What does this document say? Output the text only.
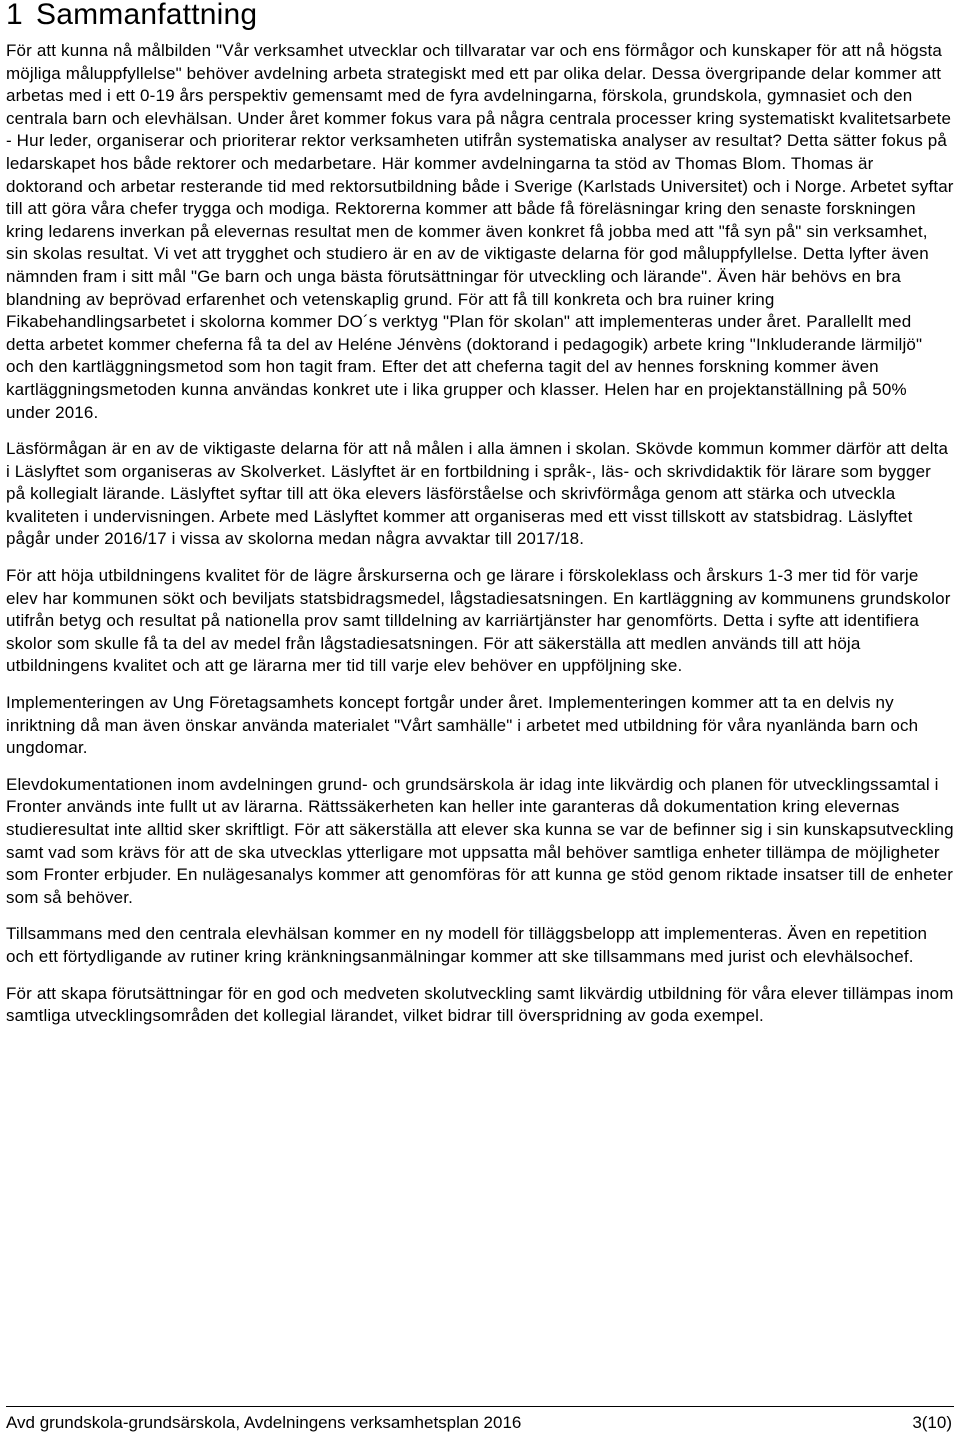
1 Sammanfattning

För att kunna nå målbilden "Vår verksamhet utvecklar och tillvaratar var och ens förmågor och kunskaper för att nå högsta möjliga måluppfyllelse" behöver avdelning arbeta strategiskt med ett par olika delar. Dessa övergripande delar kommer att arbetas med i ett 0-19 års perspektiv gemensamt med de fyra avdelningarna, förskola, grundskola, gymnasiet och den centrala barn och elevhälsan. Under året kommer fokus vara på några centrala processer kring systematiskt kvalitetsarbete - Hur leder, organiserar och prioriterar rektor verksamheten utifrån systematiska analyser av resultat? Detta sätter fokus på ledarskapet hos både rektorer och medarbetare. Här kommer avdelningarna ta stöd av Thomas Blom. Thomas är doktorand och arbetar resterande tid med rektorsutbildning både i Sverige (Karlstads Universitet) och i Norge. Arbetet syftar till att göra våra chefer trygga och modiga. Rektorerna kommer att både få föreläsningar kring den senaste forskningen kring ledarens inverkan på elevernas resultat men de kommer även konkret få jobba med att "få syn på" sin verksamhet, sin skolas resultat. Vi vet att trygghet och studiero är en av de viktigaste delarna för god måluppfyllelse. Detta lyfter även nämnden fram i sitt mål "Ge barn och unga bästa förutsättningar för utveckling och lärande". Även här behövs en bra blandning av beprövad erfarenhet och vetenskaplig grund. För att få till konkreta och bra ruiner kring Fikabehandlingsarbetet i skolorna kommer DO´s verktyg "Plan för skolan" att implementeras under året. Parallellt med detta arbetet kommer cheferna få ta del av Heléne Jénvèns (doktorand i pedagogik) arbete kring "Inkluderande lärmiljö" och den kartläggningsmetod som hon tagit fram. Efter det att cheferna tagit del av hennes forskning kommer även kartläggningsmetoden kunna användas konkret ute i lika grupper och klasser. Helen har en projektanställning på 50% under 2016.

Läsförmågan är en av de viktigaste delarna för att nå målen i alla ämnen i skolan. Skövde kommun kommer därför att delta i Läslyftet som organiseras av Skolverket. Läslyftet är en fortbildning i språk-, läs- och skrivdidaktik för lärare som bygger på kollegialt lärande. Läslyftet syftar till att öka elevers läsförståelse och skrivförmåga genom att stärka och utveckla kvaliteten i undervisningen. Arbete med Läslyftet kommer att organiseras med ett visst tillskott av statsbidrag. Läslyftet pågår under 2016/17 i vissa av skolorna medan några avvaktar till 2017/18.

För att höja utbildningens kvalitet för de lägre årskurserna och ge lärare i förskoleklass och årskurs 1-3 mer tid för varje elev har kommunen sökt och beviljats statsbidragsmedel, lågstadiesatsningen. En kartläggning av kommunens grundskolor utifrån betyg och resultat på nationella prov samt tilldelning av karriärtjänster har genomförts. Detta i syfte att identifiera skolor som skulle få ta del av medel från lågstadiesatsningen. För att säkerställa att medlen används till att höja utbildningens kvalitet och att ge lärarna mer tid till varje elev behöver en uppföljning ske.

Implementeringen av Ung Företagsamhets koncept fortgår under året. Implementeringen kommer att ta en delvis ny inriktning då man även önskar använda materialet "Vårt samhälle" i arbetet med utbildning för våra nyanlända barn och ungdomar.

Elevdokumentationen inom avdelningen grund- och grundsärskola är idag inte likvärdig och planen för utvecklingssamtal i Fronter används inte fullt ut av lärarna. Rättssäkerheten kan heller inte garanteras då dokumentation kring elevernas studieresultat inte alltid sker skriftligt. För att säkerställa att elever ska kunna se var de befinner sig i sin kunskapsutveckling samt vad som krävs för att de ska utvecklas ytterligare mot uppsatta mål behöver samtliga enheter tillämpa de möjligheter som Fronter erbjuder. En nulägesanalys kommer att genomföras för att kunna ge stöd genom riktade insatser till de enheter som så behöver.

Tillsammans med den centrala elevhälsan kommer en ny modell för tilläggsbelopp att implementeras. Även en repetition och ett förtydligande av rutiner kring kränkningsanmälningar kommer att ske tillsammans med jurist och elevhälsochef.

För att skapa förutsättningar för en god och medveten skolutveckling samt likvärdig utbildning för våra elever tillämpas inom samtliga utvecklingsområden det kollegial lärandet, vilket bidrar till överspridning av goda exempel.

Avd grundskola-grundsärskola, Avdelningens verksamhetsplan 2016	3(10)
